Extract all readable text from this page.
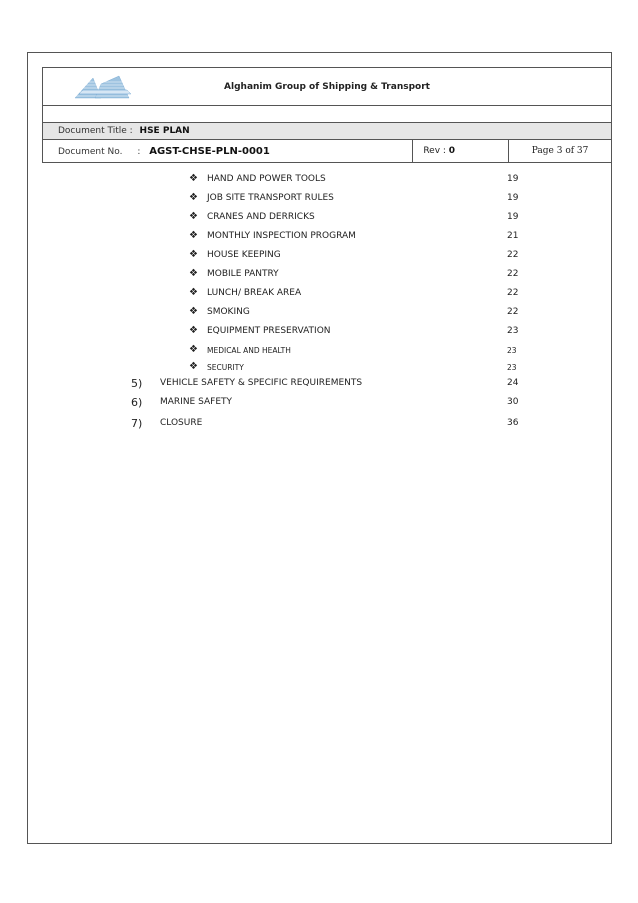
Alghanim Group of Shipping & Transport

Document Title : HSE PLAN
Document No. : AGST-CHSE-PLN-0001	Rev : 0	Page 3 of 37
❖ HAND AND POWER TOOLS	19
❖ JOB SITE TRANSPORT RULES	19
❖ CRANES AND DERRICKS	19
❖ MONTHLY INSPECTION PROGRAM	21
❖ HOUSE KEEPING	22
❖ MOBILE PANTRY	22
❖ LUNCH/ BREAK AREA	22
❖ SMOKING	22
❖ EQUIPMENT PRESERVATION	23
❖ MEDICAL AND HEALTH	23
❖ SECURITY	23
5) VEHICLE SAFETY & SPECIFIC REQUIREMENTS	24
6) MARINE SAFETY	30
7) CLOSURE	36
